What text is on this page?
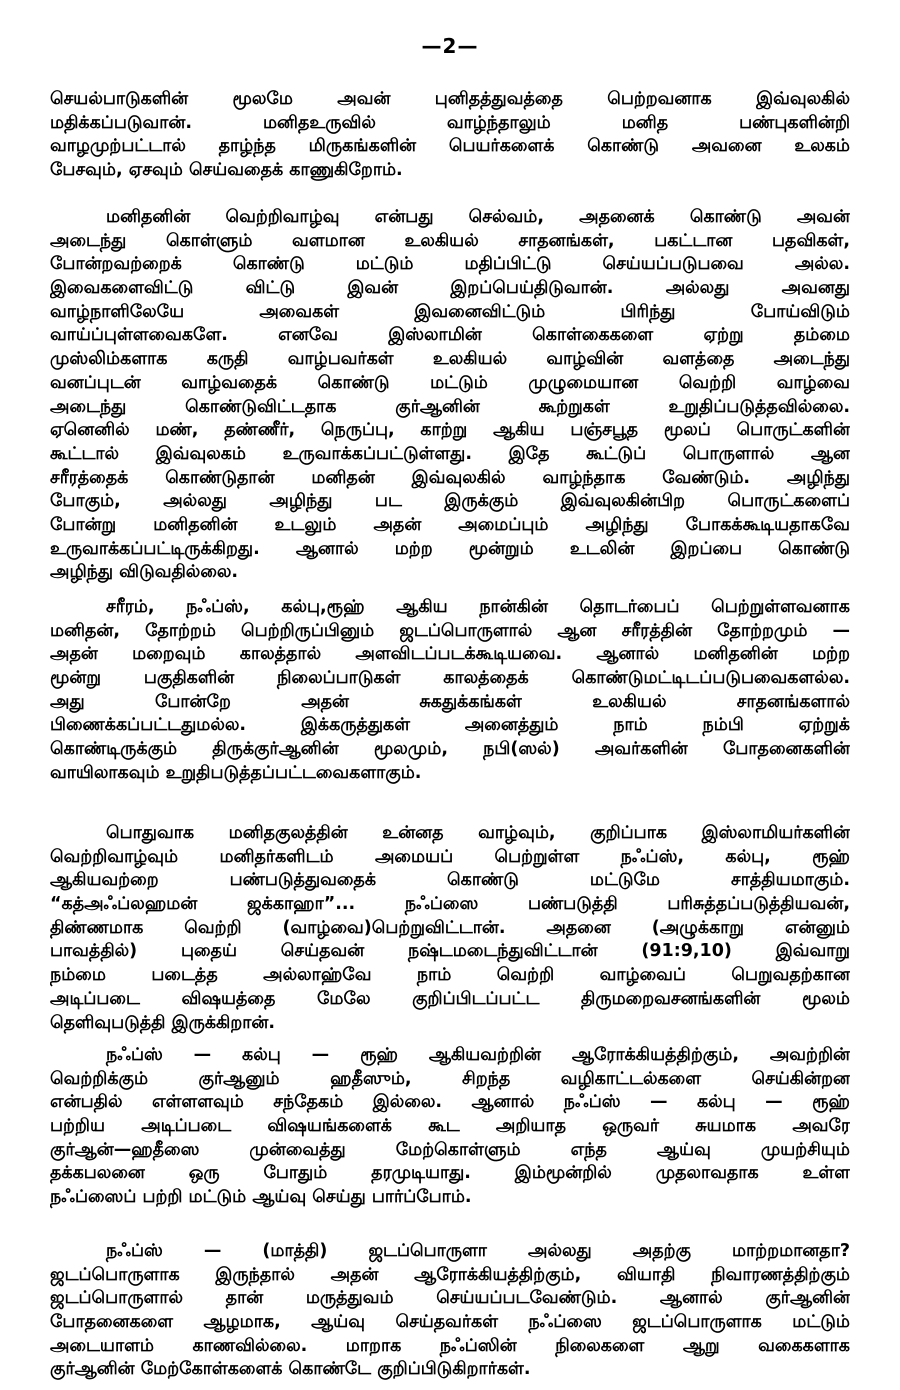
—2—
செயல்பாடுகளின் மூலமே அவன் புனிதத்துவத்தை பெற்றவனாக இவ்வுலகில்
மதிக்கப்படுவான். மனிதஉருவில் வாழ்ந்தாலும் மனித பண்புகளின்றி
வாழமுற்பட்டால் தாழ்ந்த மிருகங்களின் பெயர்களைக் கொண்டு அவனை உலகம்
பேசவும், ஏசவும் செய்வதைக் காணுகிறோம்.
மனிதனின் வெற்றிவாழ்வு என்பது செல்வம், அதனைக் கொண்டு அவன்
அடைந்து கொள்ளும் வளமான உலகியல் சாதனங்கள், பகட்டான பதவிகள்,
போன்றவற்றைக் கொண்டு மட்டும் மதிப்பிட்டு செய்யப்படுபவை அல்ல.
இவைகளைவிட்டு விட்டு இவன் இறப்பெய்திடுவான். அல்லது அவனது
வாழ்நாளிலேயே அவைகள் இவனைவிட்டும் பிரிந்து போய்விடும்
வாய்ப்புள்ளவைகளே. எனவே இஸ்லாமின் கொள்கைகளை ஏற்று தம்மை
முஸ்லிம்களாக கருதி வாழ்பவர்கள் உலகியல் வாழ்வின் வளத்தை அடைந்து
வனப்புடன் வாழ்வதைக் கொண்டு மட்டும் முழுமையான வெற்றி வாழ்வை
அடைந்து கொண்டுவிட்டதாக குர்ஆனின் கூற்றுகள் உறுதிப்படுத்தவில்லை.
ஏனெனில் மண், தண்ணீர், நெருப்பு, காற்று ஆகிய பஞ்சபூத மூலப் பொருட்களின்
கூட்டால் இவ்வுலகம் உருவாக்கப்பட்டுள்ளது. இதே கூட்டுப் பொருளால் ஆன
சரீரத்தைக் கொண்டுதான் மனிதன் இவ்வுலகில் வாழ்ந்தாக வேண்டும். அழிந்து
போகும், அல்லது அழிந்து பட இருக்கும் இவ்வுலகின்பிற பொருட்களைப்
போன்று மனிதனின் உடலும் அதன் அமைப்பும் அழிந்து போகக்கூடியதாகவே
உருவாக்கப்பட்டிருக்கிறது. ஆனால் மற்ற மூன்றும் உடலின் இறப்பை கொண்டு
அழிந்து விடுவதில்லை.
சரீரம், நஃப்ஸ், கல்பு,ரூஹ் ஆகிய நான்கின் தொடர்பைப் பெற்றுள்ளவனாக
மனிதன், தோற்றம் பெற்றிருப்பினும் ஜடப்பொருளால் ஆன சரீரத்தின் தோற்றமும் —
அதன் மறைவும் காலத்தால் அளவிடப்படக்கூடியவை. ஆனால் மனிதனின் மற்ற
மூன்று பகுதிகளின் நிலைப்பாடுகள் காலத்தைக் கொண்டுமட்டிடப்படுபவைகளல்ல.
அது போன்றே அதன் சுகதுக்கங்கள் உலகியல் சாதனங்களால்
பிணைக்கப்பட்டதுமல்ல. இக்கருத்துகள் அனைத்தும் நாம் நம்பி ஏற்றுக்
கொண்டிருக்கும் திருக்குர்ஆனின் மூலமும், நபி(ஸல்) அவர்களின் போதனைகளின்
வாயிலாகவும் உறுதிபடுத்தப்பட்டவைகளாகும்.
பொதுவாக மனிதகுலத்தின் உன்னத வாழ்வும், குறிப்பாக இஸ்லாமியர்களின்
வெற்றிவாழ்வும் மனிதர்களிடம் அமையப் பெற்றுள்ள நஃப்ஸ், கல்பு, ரூஹ்
ஆகியவற்றை பண்படுத்துவதைக் கொண்டு மட்டுமே சாத்தியமாகும்.
“கத்அஃப்லஹமன் ஜக்காஹா”... நஃப்ஸை பண்படுத்தி பரிசுத்தப்படுத்தியவன்,
திண்ணமாக வெற்றி (வாழ்வை)பெற்றுவிட்டான். அதனை (அழுக்காறு என்னும்
பாவத்தில்) புதைய் செய்தவன் நஷ்டமடைந்துவிட்டான் (91:9,10) இவ்வாறு
நம்மை படைத்த அல்லாஹ்வே நாம் வெற்றி வாழ்வைப் பெறுவதற்கான
அடிப்படை விஷயத்தை மேலே குறிப்பிடப்பட்ட திருமறைவசனங்களின் மூலம்
தெளிவுபடுத்தி இருக்கிறான்.
நஃப்ஸ் — கல்பு — ரூஹ் ஆகியவற்றின் ஆரோக்கியத்திற்கும், அவற்றின்
வெற்றிக்கும் குர்ஆனும் ஹதீஸும், சிறந்த வழிகாட்டல்களை செய்கின்றன
என்பதில் எள்ளளவும் சந்தேகம் இல்லை. ஆனால் நஃப்ஸ் — கல்பு — ரூஹ்
பற்றிய அடிப்படை விஷயங்களைக் கூட அறியாத ஒருவர் சுயமாக அவரே
குர்ஆன்—ஹதீஸை முன்வைத்து மேற்கொள்ளும் எந்த ஆய்வு முயற்சியும்
தக்கபலனை ஒரு போதும் தரமுடியாது. இம்மூன்றில் முதலாவதாக உள்ள
நஃப்ஸைப் பற்றி மட்டும் ஆய்வு செய்து பார்ப்போம்.
நஃப்ஸ் — (மாத்தி) ஜடப்பொருளா அல்லது அதற்கு மாற்றமானதா?
ஜடப்பொருளாக இருந்தால் அதன் ஆரோக்கியத்திற்கும், வியாதி நிவாரணத்திற்கும்
ஜடப்பொருளால் தான் மருத்துவம் செய்யப்படவேண்டும். ஆனால் குர்ஆனின்
போதனைகளை ஆழமாக, ஆய்வு செய்தவர்கள் நஃப்ஸை ஜடப்பொருளாக மட்டும்
அடையாளம் காணவில்லை. மாறாக நஃப்ஸின் நிலைகளை ஆறு வகைகளாக
குர்ஆனின் மேற்கோள்களைக் கொண்டே குறிப்பிடுகிறார்கள்.
